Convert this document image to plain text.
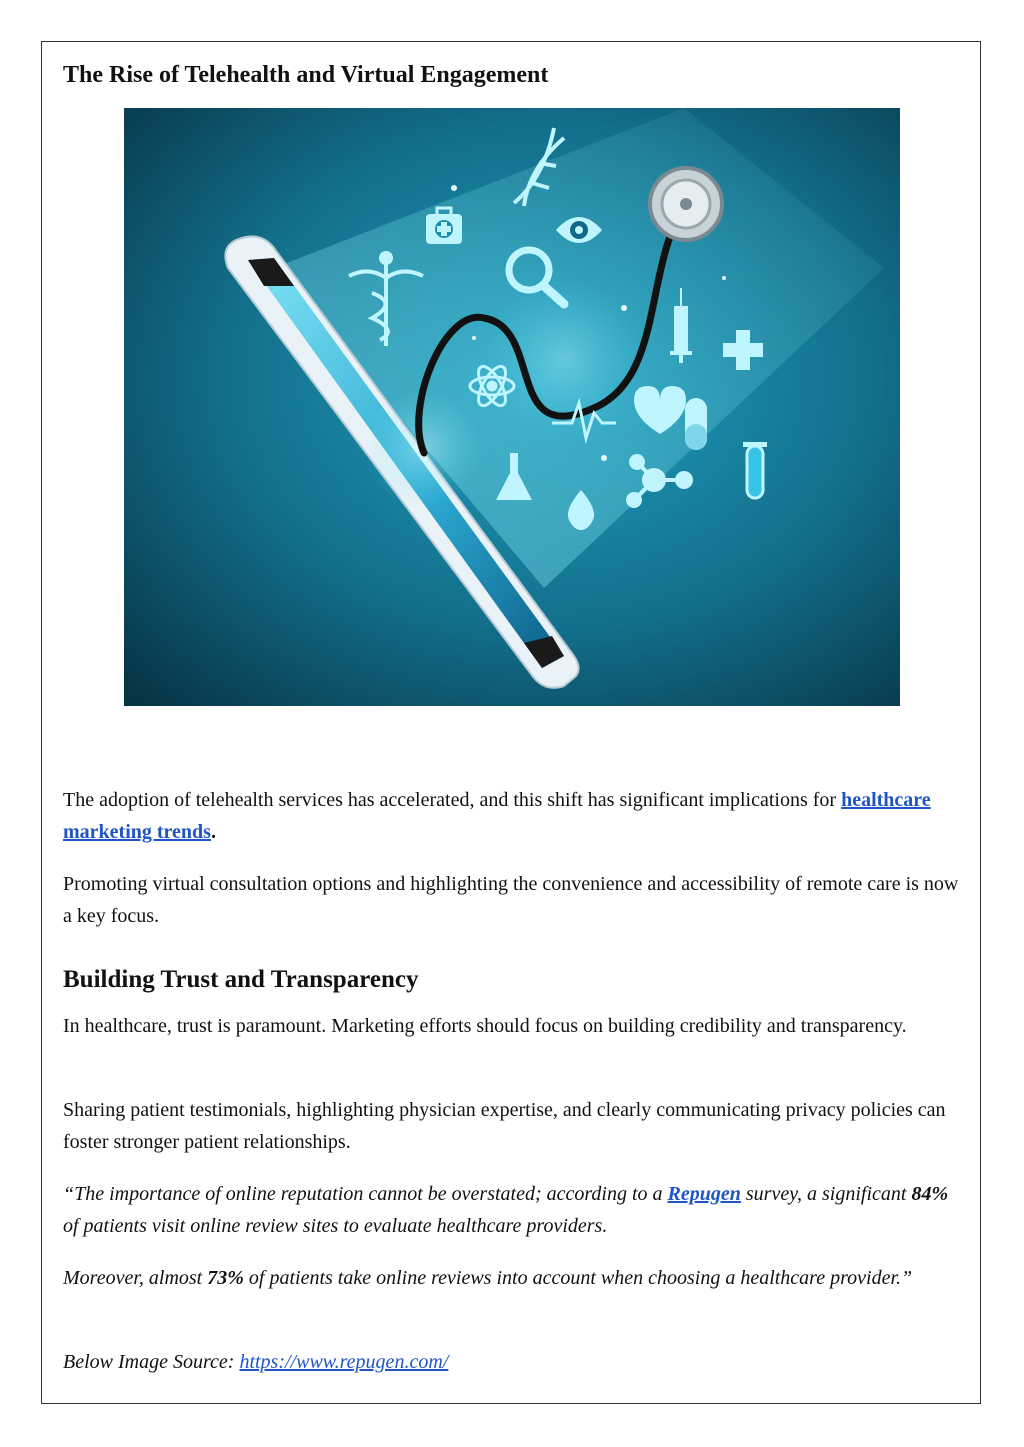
The Rise of Telehealth and Virtual Engagement

The adoption of telehealth services has accelerated, and this shift has significant implications for healthcare marketing trends.

Promoting virtual consultation options and highlighting the convenience and accessibility of remote care is now a key focus.

Building Trust and Transparency

In healthcare, trust is paramount. Marketing efforts should focus on building credibility and transparency.

Sharing patient testimonials, highlighting physician expertise, and clearly communicating privacy policies can foster stronger patient relationships.

“The importance of online reputation cannot be overstated; according to a Repugen survey, a significant 84% of patients visit online review sites to evaluate healthcare providers.

Moreover, almost 73% of patients take online reviews into account when choosing a healthcare provider.”

Below Image Source: https://www.repugen.com/
